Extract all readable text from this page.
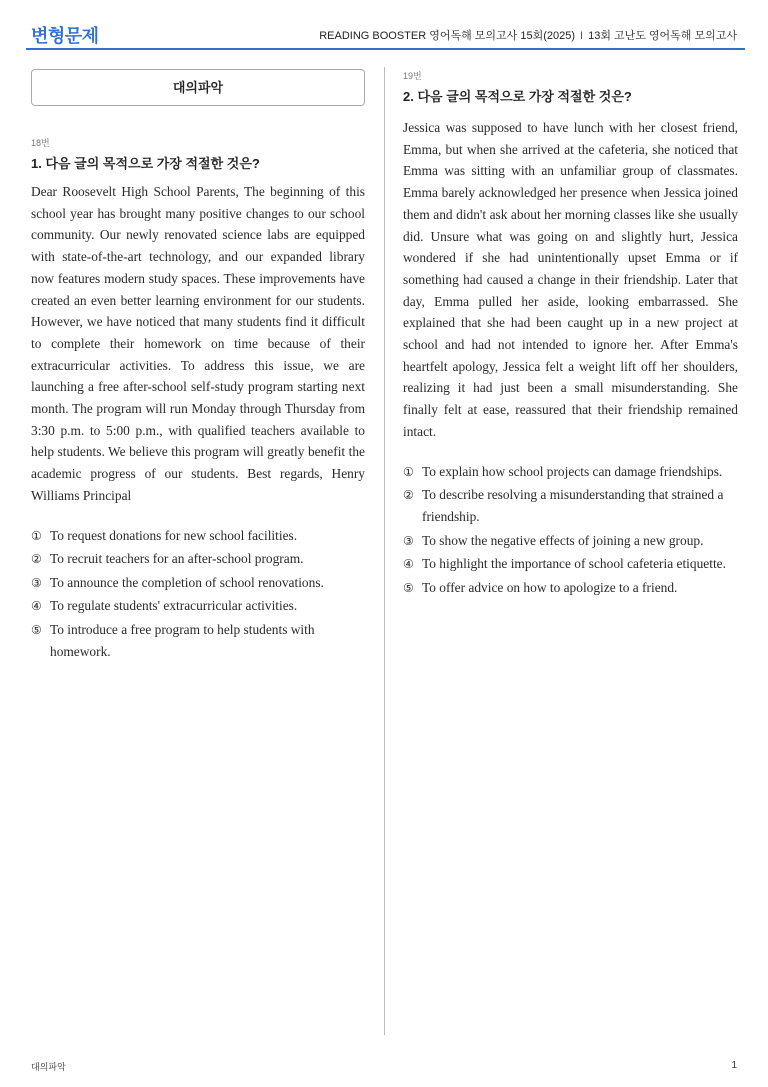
변형문제	READING BOOSTER 영어독해 모의고사 15회(2025) I 13회 고난도 영어독해 모의고사
대의파악
18번
1. 다음 글의 목적으로 가장 적절한 것은?
Dear Roosevelt High School Parents, The beginning of this school year has brought many positive changes to our school community. Our newly renovated science labs are equipped with state-of-the-art technology, and our expanded library now features modern study spaces. These improvements have created an even better learning environment for our students. However, we have noticed that many students find it difficult to complete their homework on time because of their extracurricular activities. To address this issue, we are launching a free after-school self-study program starting next month. The program will run Monday through Thursday from 3:30 p.m. to 5:00 p.m., with qualified teachers available to help students. We believe this program will greatly benefit the academic progress of our students. Best regards, Henry Williams Principal
① To request donations for new school facilities.
② To recruit teachers for an after-school program.
③ To announce the completion of school renovations.
④ To regulate students' extracurricular activities.
⑤ To introduce a free program to help students with homework.
19번
2. 다음 글의 목적으로 가장 적절한 것은?
Jessica was supposed to have lunch with her closest friend, Emma, but when she arrived at the cafeteria, she noticed that Emma was sitting with an unfamiliar group of classmates. Emma barely acknowledged her presence when Jessica joined them and didn't ask about her morning classes like she usually did. Unsure what was going on and slightly hurt, Jessica wondered if she had unintentionally upset Emma or if something had caused a change in their friendship. Later that day, Emma pulled her aside, looking embarrassed. She explained that she had been caught up in a new project at school and had not intended to ignore her. After Emma's heartfelt apology, Jessica felt a weight lift off her shoulders, realizing it had just been a small misunderstanding. She finally felt at ease, reassured that their friendship remained intact.
① To explain how school projects can damage friendships.
② To describe resolving a misunderstanding that strained a friendship.
③ To show the negative effects of joining a new group.
④ To highlight the importance of school cafeteria etiquette.
⑤ To offer advice on how to apologize to a friend.
대의파악	1
